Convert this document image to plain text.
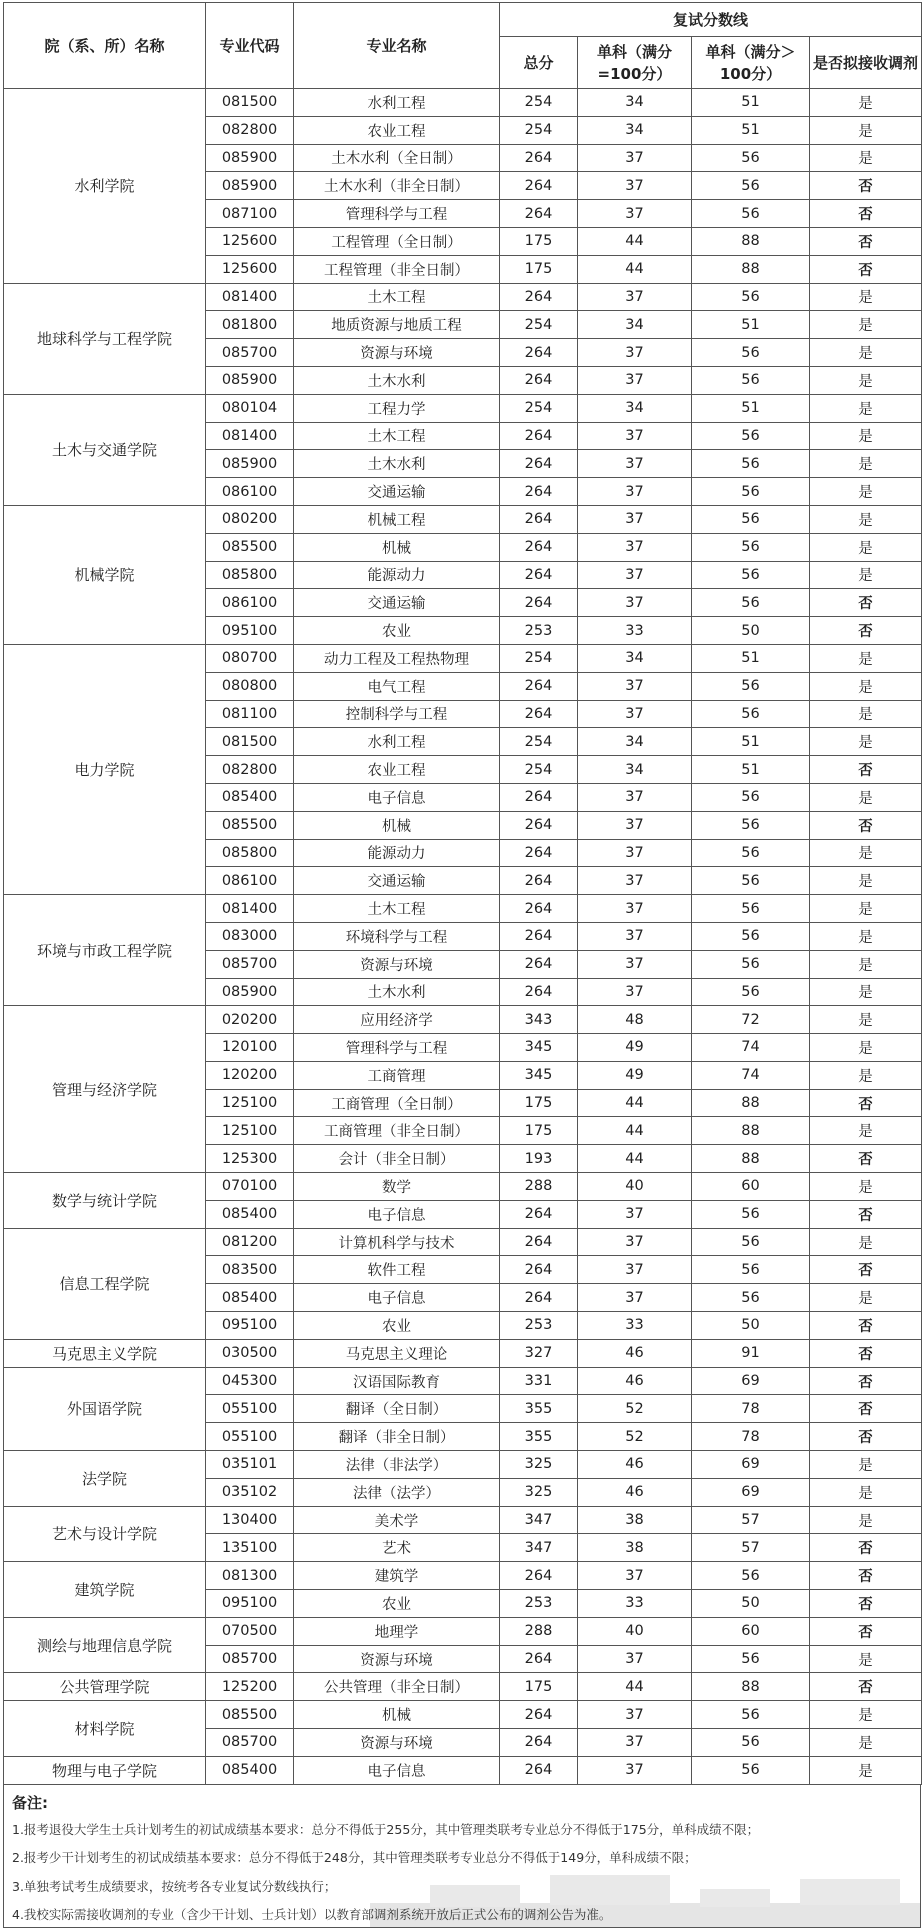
院（系、所）名称	专业代码	专业名称	复试分数线			
			总分	单科（满分=100分）	单科（满分＞100分）	是否拟接收调剂
水利学院	081500	水利工程	254	34	51	是
	082800	农业工程	254	34	51	是
	085900	土木水利（全日制）	264	37	56	是
	085900	土木水利（非全日制）	264	37	56	否
	087100	管理科学与工程	264	37	56	否
	125600	工程管理（全日制）	175	44	88	否
	125600	工程管理（非全日制）	175	44	88	否
地球科学与工程学院	081400	土木工程	264	37	56	是
	081800	地质资源与地质工程	254	34	51	是
	085700	资源与环境	264	37	56	是
	085900	土木水利	264	37	56	是
土木与交通学院	080104	工程力学	254	34	51	是
	081400	土木工程	264	37	56	是
	085900	土木水利	264	37	56	是
	086100	交通运输	264	37	56	是
机械学院	080200	机械工程	264	37	56	是
	085500	机械	264	37	56	是
	085800	能源动力	264	37	56	是
	086100	交通运输	264	37	56	否
	095100	农业	253	33	50	否
电力学院	080700	动力工程及工程热物理	254	34	51	是
	080800	电气工程	264	37	56	是
	081100	控制科学与工程	264	37	56	是
	081500	水利工程	254	34	51	是
	082800	农业工程	254	34	51	否
	085400	电子信息	264	37	56	是
	085500	机械	264	37	56	否
	085800	能源动力	264	37	56	是
	086100	交通运输	264	37	56	是
环境与市政工程学院	081400	土木工程	264	37	56	是
	083000	环境科学与工程	264	37	56	是
	085700	资源与环境	264	37	56	是
	085900	土木水利	264	37	56	是
管理与经济学院	020200	应用经济学	343	48	72	是
	120100	管理科学与工程	345	49	74	是
	120200	工商管理	345	49	74	是
	125100	工商管理（全日制）	175	44	88	否
	125100	工商管理（非全日制）	175	44	88	是
	125300	会计（非全日制）	193	44	88	否
数学与统计学院	070100	数学	288	40	60	是
	085400	电子信息	264	37	56	否
信息工程学院	081200	计算机科学与技术	264	37	56	是
	083500	软件工程	264	37	56	否
	085400	电子信息	264	37	56	是
	095100	农业	253	33	50	否
马克思主义学院	030500	马克思主义理论	327	46	91	否
外国语学院	045300	汉语国际教育	331	46	69	否
	055100	翻译（全日制）	355	52	78	否
	055100	翻译（非全日制）	355	52	78	否
法学院	035101	法律（非法学）	325	46	69	是
	035102	法律（法学）	325	46	69	是
艺术与设计学院	130400	美术学	347	38	57	是
	135100	艺术	347	38	57	否
建筑学院	081300	建筑学	264	37	56	否
	095100	农业	253	33	50	否
测绘与地理信息学院	070500	地理学	288	40	60	否
	085700	资源与环境	264	37	56	是
公共管理学院	125200	公共管理（非全日制）	175	44	88	否
材料学院	085500	机械	264	37	56	是
	085700	资源与环境	264	37	56	是
物理与电子学院	085400	电子信息	264	37	56	是
备注:
1.报考退役大学生士兵计划考生的初试成绩基本要求：总分不得低于255分，其中管理类联考专业总分不得低于175分，单科成绩不限；
2.报考少干计划考生的初试成绩基本要求：总分不得低于248分，其中管理类联考专业总分不得低于149分，单科成绩不限；
3.单独考试考生成绩要求，按统考各专业复试分数线执行；
4.我校实际需接收调剂的专业（含少干计划、士兵计划）以教育部调剂系统开放后正式公布的调剂公告为准。
